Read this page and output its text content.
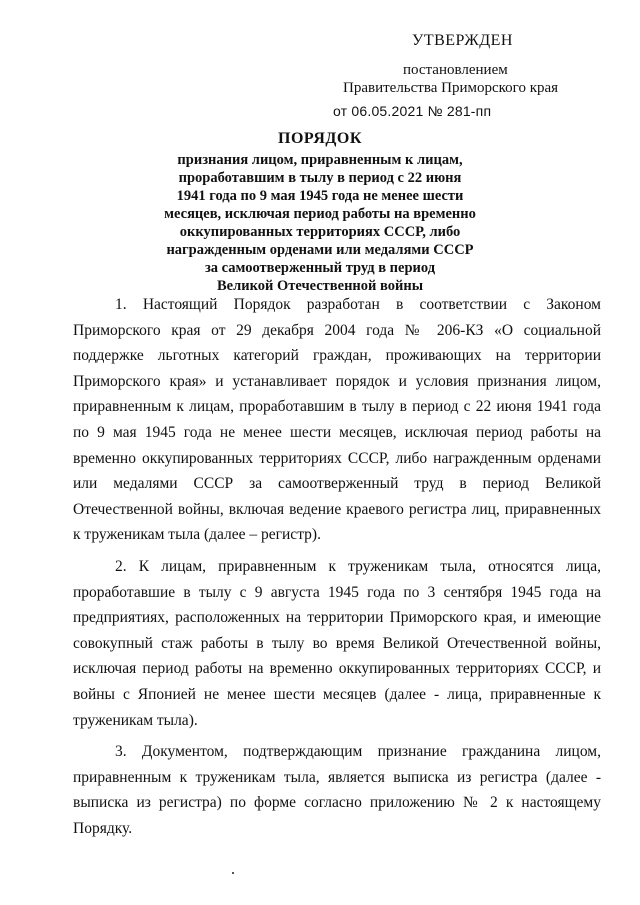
УТВЕРЖДЕН
постановлением
Правительства Приморского края
от 06.05.2021 № 281-пп
ПОРЯДОК
признания лицом, приравненным к лицам,
проработавшим в тылу в период с 22 июня
1941 года по 9 мая 1945 года не менее шести
месяцев, исключая период работы на временно
оккупированных территориях СССР, либо
награжденным орденами или медалями СССР
за самоотверженный труд в период
Великой Отечественной войны

1. Настоящий Порядок разработан в соответствии с Законом Приморского края от 29 декабря 2004 года № 206-КЗ «О социальной поддержке льготных категорий граждан, проживающих на территории Приморского края» и устанавливает порядок и условия признания лицом, приравненным к лицам, проработавшим в тылу в период с 22 июня 1941 года по 9 мая 1945 года не менее шести месяцев, исключая период работы на временно оккупированных территориях СССР, либо награжденным орденами или медалями СССР за самоотверженный труд в период Великой Отечественной войны, включая ведение краевого регистра лиц, приравненных к труженикам тыла (далее – регистр).

2. К лицам, приравненным к труженикам тыла, относятся лица, проработавшие в тылу с 9 августа 1945 года по 3 сентября 1945 года на предприятиях, расположенных на территории Приморского края, и имеющие совокупный стаж работы в тылу во время Великой Отечественной войны, исключая период работы на временно оккупированных территориях СССР, и войны с Японией не менее шести месяцев (далее - лица, приравненные к труженикам тыла).

3. Документом, подтверждающим признание гражданина лицом, приравненным к труженикам тыла, является выписка из регистра (далее - выписка из регистра) по форме согласно приложению № 2 к настоящему Порядку.
